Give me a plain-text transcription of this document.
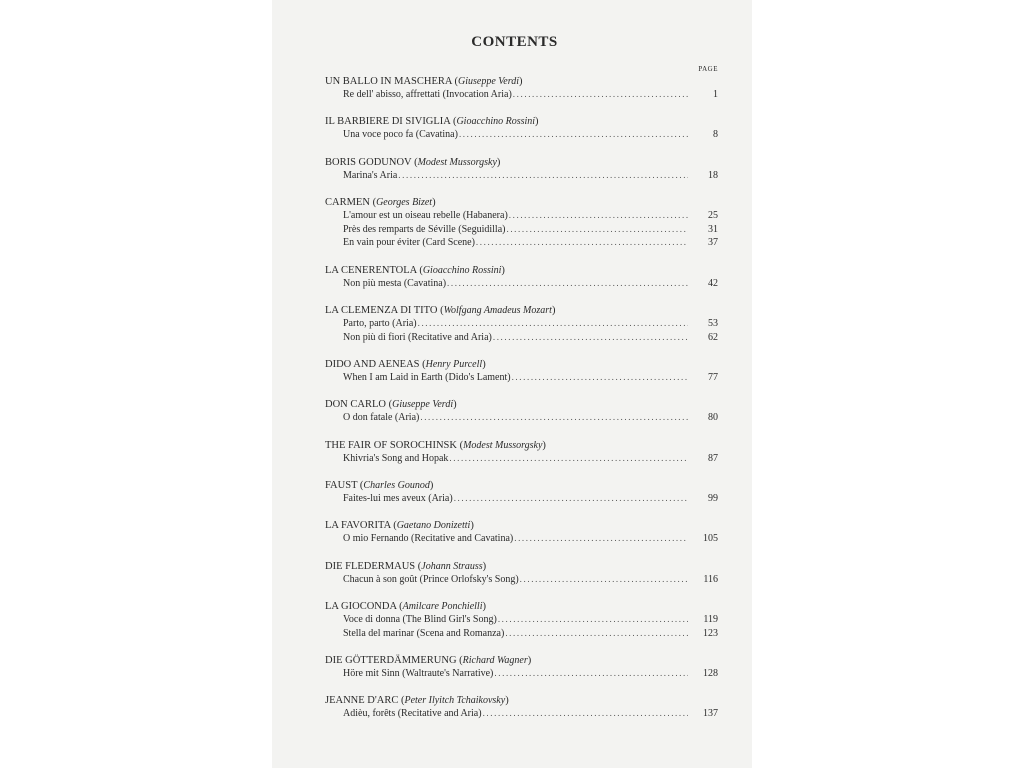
CONTENTS
PAGE
UN BALLO IN MASCHERA (Giuseppe Verdi)
Re dell' abisso, affrettati (Invocation Aria) .....	1
IL BARBIERE DI SIVIGLIA (Gioacchino Rossini)
Una voce poco fa (Cavatina) .....	8
BORIS GODUNOV (Modest Mussorgsky)
Marina's Aria .....	18
CARMEN (Georges Bizet)
L'amour est un oiseau rebelle (Habanera) .....	25
Près des remparts de Séville (Seguidilla) .....	31
En vain pour éviter (Card Scene) .....	37
LA CENERENTOLA (Gioacchino Rossini)
Non più mesta (Cavatina) .....	42
LA CLEMENZA DI TITO (Wolfgang Amadeus Mozart)
Parto, parto (Aria) .....	53
Non più di fiori (Recitative and Aria) .....	62
DIDO AND AENEAS (Henry Purcell)
When I am Laid in Earth (Dido's Lament) .....	77
DON CARLO (Giuseppe Verdi)
O don fatale (Aria) .....	80
THE FAIR OF SOROCHINSK (Modest Mussorgsky)
Khivria's Song and Hopak .....	87
FAUST (Charles Gounod)
Faites-lui mes aveux (Aria) .....	99
LA FAVORITA (Gaetano Donizetti)
O mio Fernando (Recitative and Cavatina) .....	105
DIE FLEDERMAUS (Johann Strauss)
Chacun à son goût (Prince Orlofsky's Song) .....	116
LA GIOCONDA (Amilcare Ponchielli)
Voce di donna (The Blind Girl's Song) .....	119
Stella del marinar (Scena and Romanza) .....	123
DIE GÖTTERDÄMMERUNG (Richard Wagner)
Höre mit Sinn (Waltraute's Narrative) .....	128
JEANNE D'ARC (Peter Ilyitch Tchaikovsky)
Adièu, forêts (Recitative and Aria) .....	137
